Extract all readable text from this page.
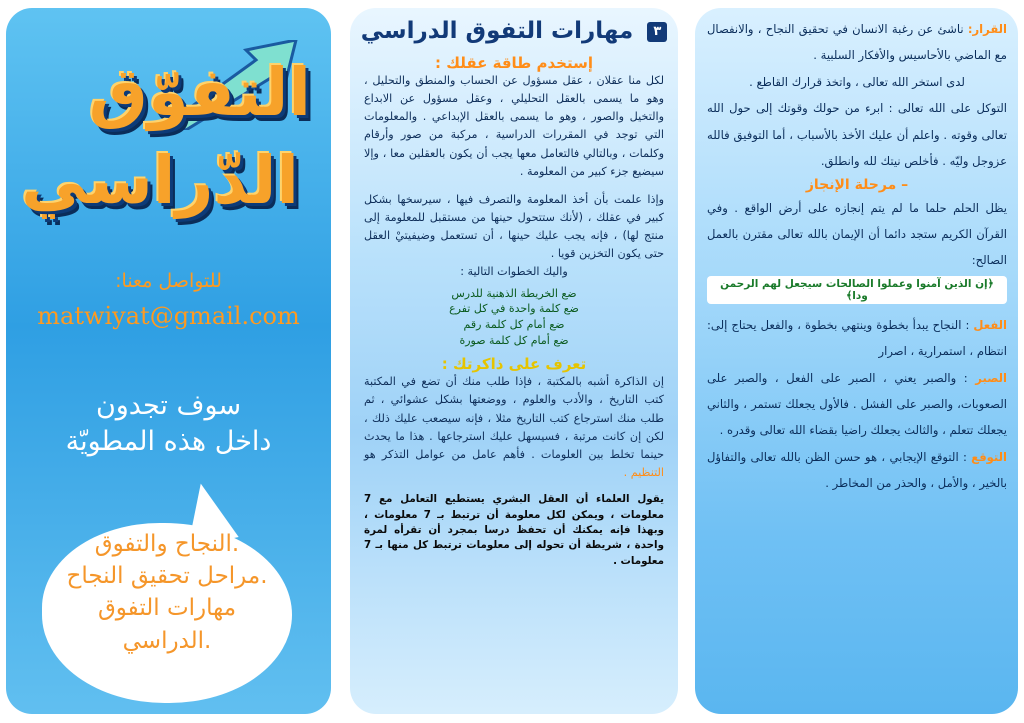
التفوّق
الدّراسي
للتواصل معنا:
matwiyat@gmail.com
سوف تجدون
داخل هذه المطويّة
النجاح والتفوق.
مراحل تحقيق النجاح.
مهارات التفوق
الدراسي.
٣ مهارات التفوق الدراسي

إستخدم طاقة عقلك :

لكل منا عقلان ، عقل مسؤول عن الحساب والمنطق والتحليل ، وهو ما يسمى بالعقل التحليلي ، وعقل مسؤول عن الابداع والتخيل والصور ، وهو ما يسمى بالعقل الإبداعي . والمعلومات التي توجد في المقررات الدراسية ، مركبة من صور وأرقام وكلمات ، وبالتالي فالتعامل معها يجب أن يكون بالعقلين معا ، وإلا سيضيع جزء كبير من المعلومة .

وإذا علمت بأن أخذ المعلومة والتصرف فيها ، سيرسخها بشكل كبير في عقلك ، (لأنك ستتحول حينها من مستقبل للمعلومة إلى منتج لها) ، فإنه يجب عليك حينها ، أن تستعمل وضيفيتيْ العقل حتى يكون التخزين قويا .

واليك الخطوات التالية :

ضع الخريطة الذهنية للدرس

ضع كلمة واحدة في كل تفرع

ضع أمام كل كلمة رقم

ضع أمام كل كلمة صورة

تعرف على ذاكرتك :

إن الذاكرة أشبه بالمكتبة ، فإذا طلب منك أن تضع في المكتبة كتب التاريخ ، والأدب والعلوم ، ووضعتها بشكل عشوائي ، ثم طلب منك استرجاع كتب التاريخ مثلا ، فإنه سيصعب عليك ذلك ، لكن إن كانت مرتبة ، فسيسهل عليك استرجاعها . هذا ما يحدث حينما تخلط بين العلومات . فأهم عامل من عوامل التذكر هو التنظيم .

يقول العلماء أن العقل البشري يستطيع التعامل مع 7 معلومات ، ويمكن لكل معلومة أن ترتبط بـ 7 معلومات ، وبهذا فإنه يمكنك أن تحفظ درسا بمجرد أن تقرأه لمرة واحدة ، شريطة أن تحوله إلى معلومات ترتبط كل منها بـ 7 معلومات .

القرار: ناشئ عن رغبة الانسان في تحقيق النجاح ، والانفصال مع الماضي بالأحاسيس والأفكار السلبية .

لدى استخر الله تعالى ، واتخذ قرارك القاطع .

التوكل على الله تعالى : ابرء من حولك وقوتك إلى حول الله تعالى وقوته . واعلم أن عليك الأخذ بالأسباب ، أما التوفيق فالله عزوجل وليّه . فأخلص نيتك لله وانطلق.

– مرحلة الإنجاز

يظل الحلم حلما ما لم يتم إنجازه على أرض الواقع . وفي القرآن الكريم ستجد دائما أن الإيمان بالله تعالى مقترن بالعمل الصالح:

﴿إن الذين آمنوا وعملوا الصالحات سيجعل لهم الرحمن ودا﴾

الفعل : النجاح يبدأ بخطوة وينتهي بخطوة ، والفعل يحتاج إلى: انتظام ، استمرارية ، اصرار

الصبر : والصبر يعني ، الصبر على الفعل ، والصبر على الصعوبات، والصبر على الفشل . فالأول يجعلك تستمر ، والثاني يجعلك تتعلم ، والثالث يجعلك راضيا بقضاء الله تعالى وقدره .

التوقع : التوقع الإيجابي ، هو حسن الظن بالله تعالى والتفاؤل بالخير ، والأمل ، والحذر من المخاطر .
